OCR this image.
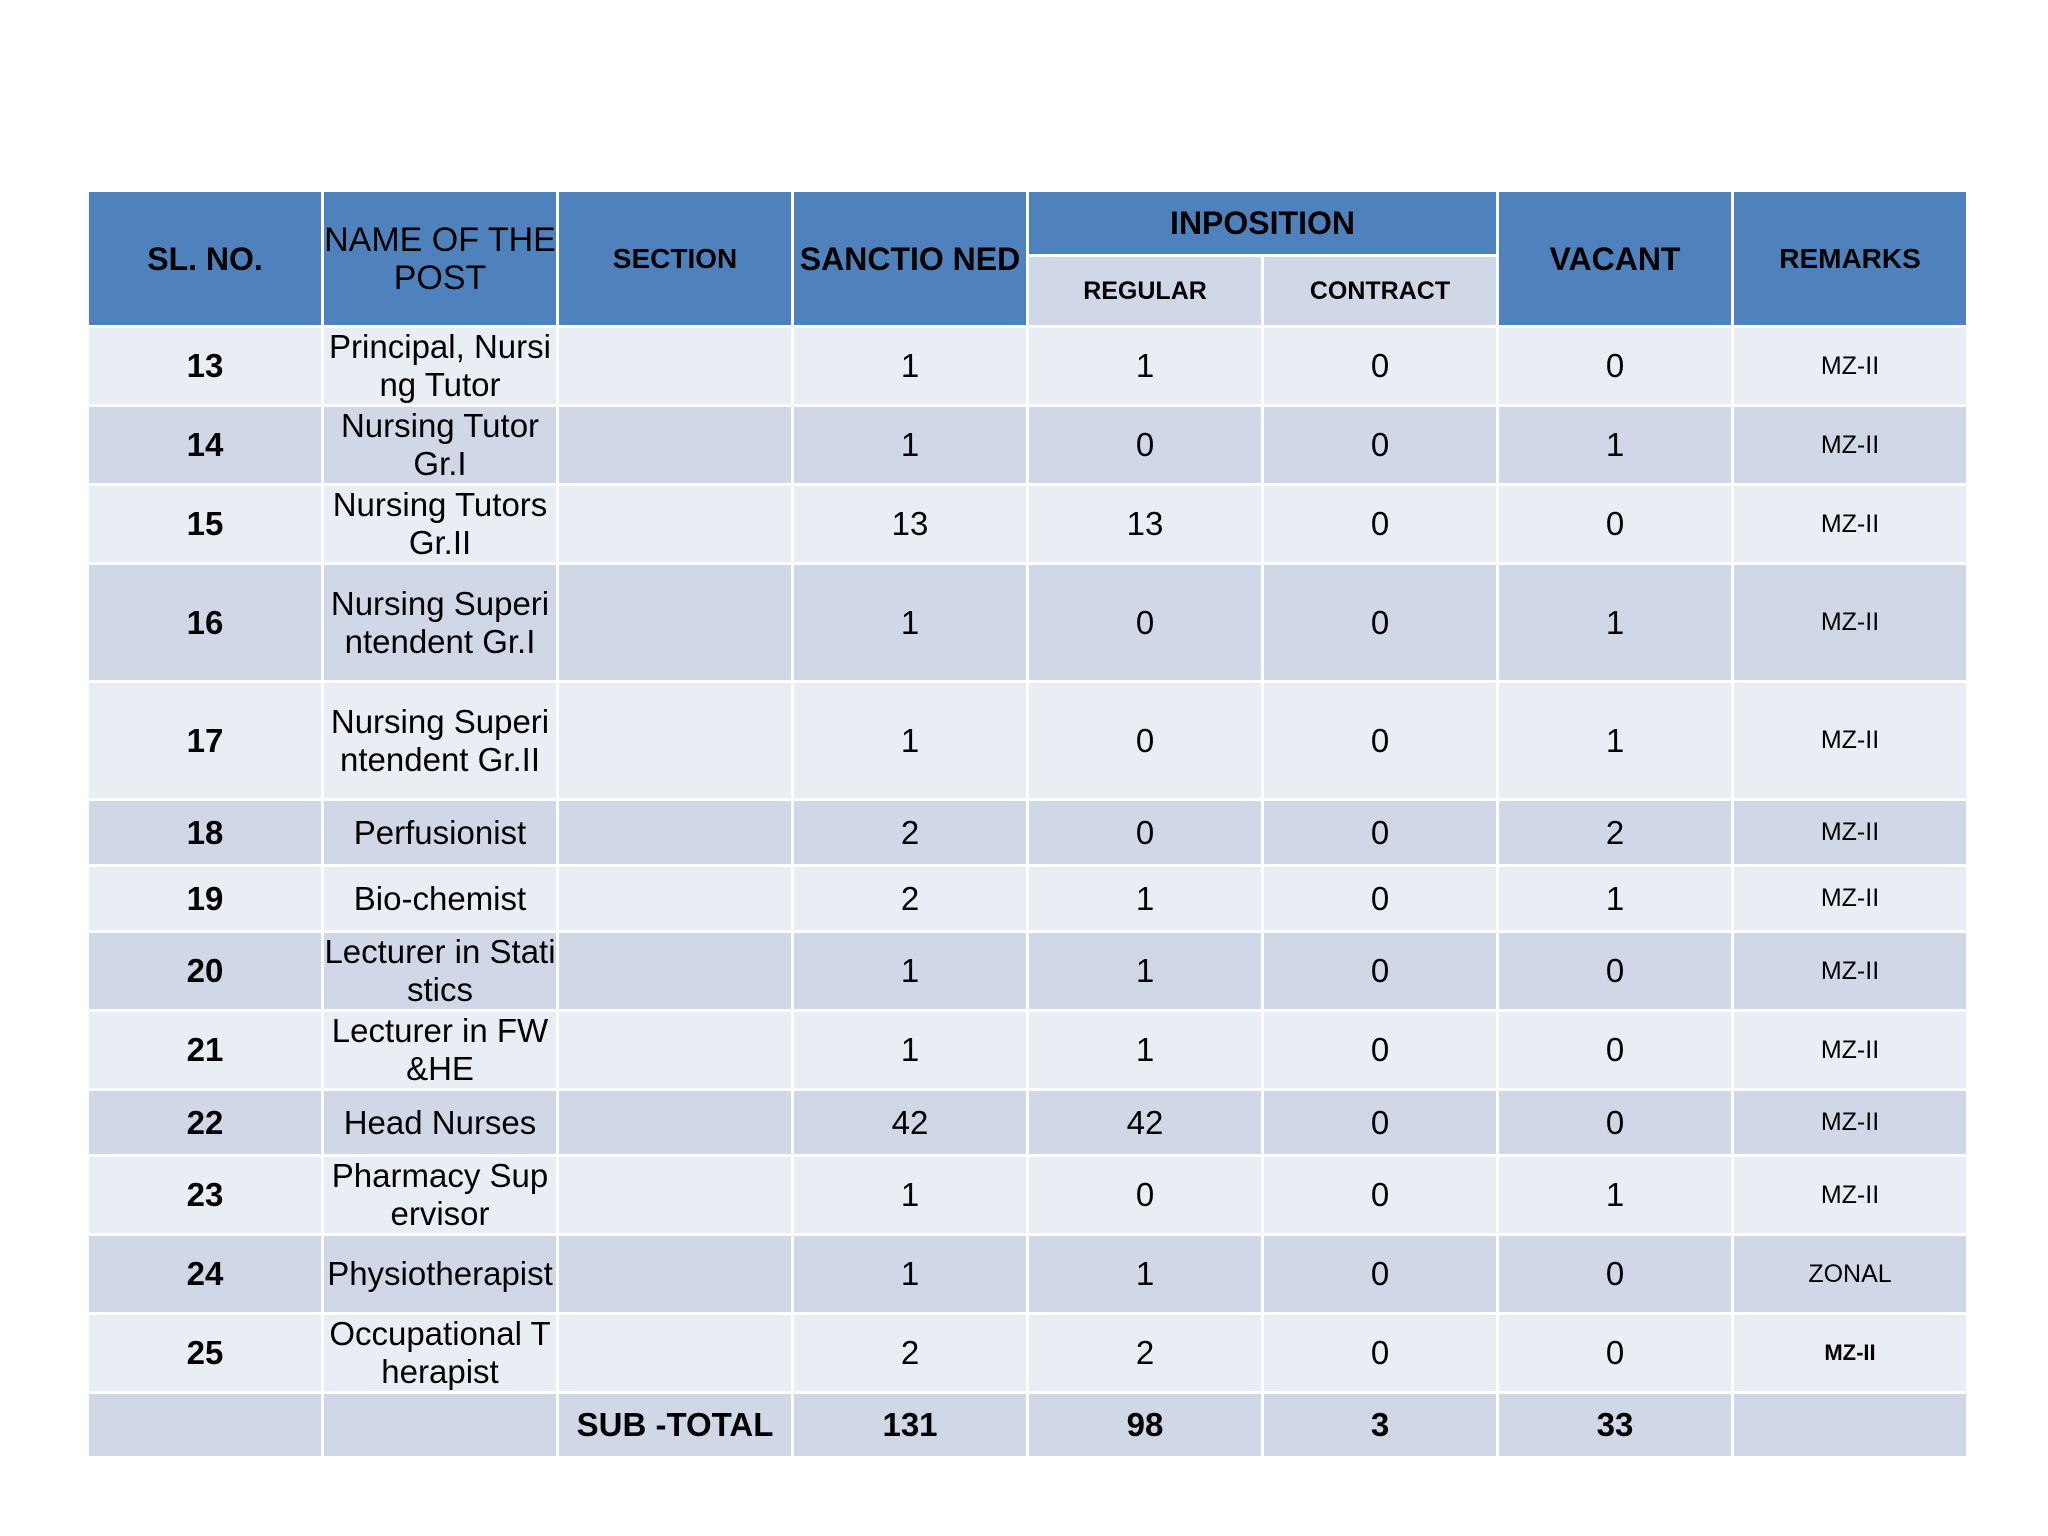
SL. NO.	NAME OF THE POST	SECTION	SANCTIO NED	INPOSITION		VACANT	REMARKS
				REGULAR	CONTRACT		
13	Principal, Nursing Tutor		1	1	0	0	MZ-II
14	Nursing Tutor Gr.I		1	0	0	1	MZ-II
15	Nursing Tutors Gr.II		13	13	0	0	MZ-II
16	Nursing Superintendent Gr.I		1	0	0	1	MZ-II
17	Nursing Superintendent Gr.II		1	0	0	1	MZ-II
18	Perfusionist		2	0	0	2	MZ-II
19	Bio-chemist		2	1	0	1	MZ-II
20	Lecturer in Statistics		1	1	0	0	MZ-II
21	Lecturer in FW&HE		1	1	0	0	MZ-II
22	Head Nurses		42	42	0	0	MZ-II
23	Pharmacy Supervisor		1	0	0	1	MZ-II
24	Physiotherapist		1	1	0	0	ZONAL
25	Occupational Therapist		2	2	0	0	MZ-II
		SUB -TOTAL	131	98	3	33	
